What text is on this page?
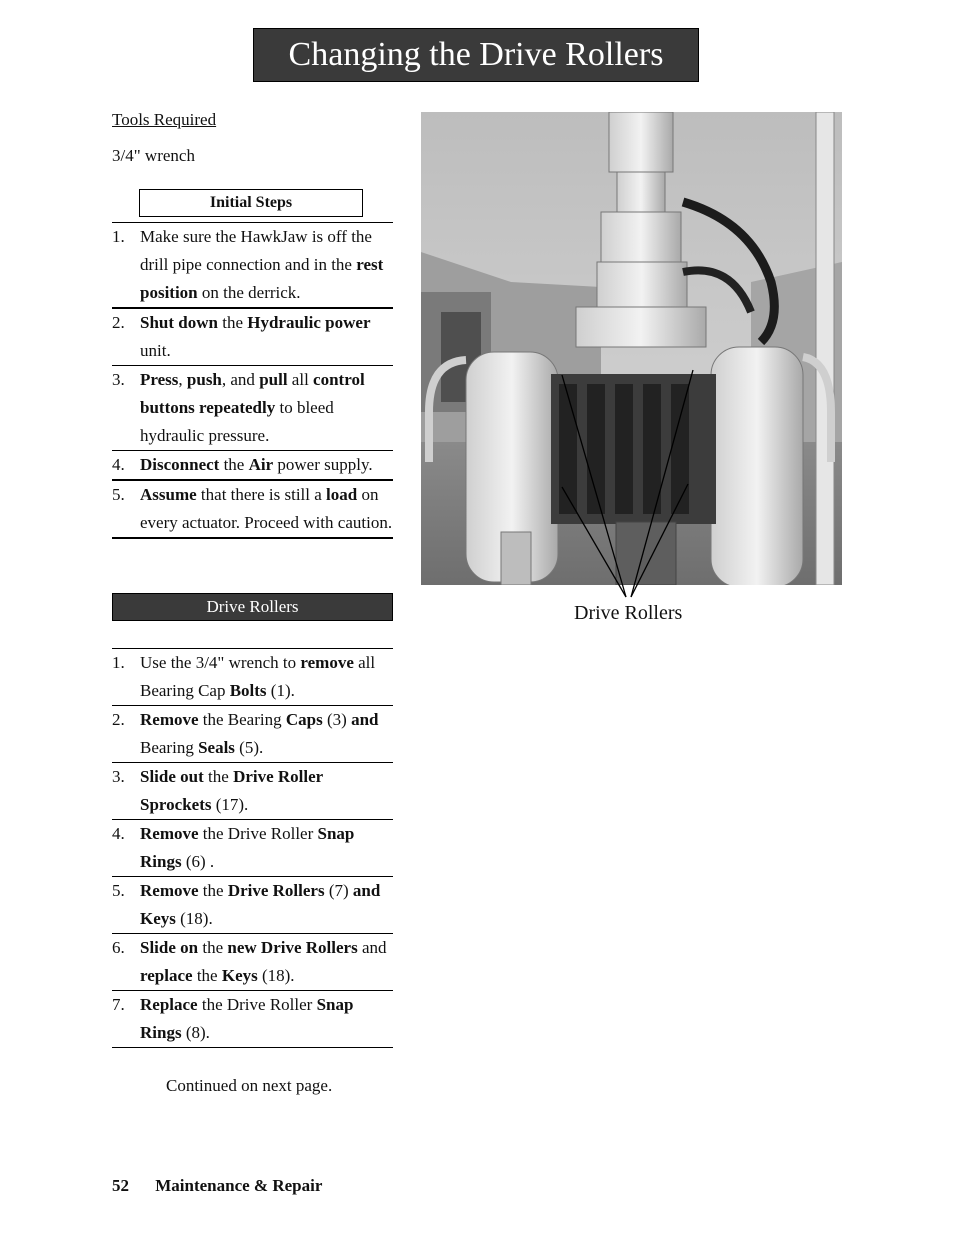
Changing the Drive Rollers
Tools Required
3/4" wrench
Initial Steps
1. Make sure the HawkJaw is off the drill pipe connection and in the rest position on the derrick.
2. Shut down the Hydraulic power unit.
3. Press, push, and pull all control buttons repeatedly to bleed hydraulic pressure.
4. Disconnect the Air power supply.
5. Assume that there is still a load on every actuator. Proceed with caution.
Drive Rollers
1. Use the 3/4" wrench to remove all Bearing Cap Bolts (1).
2. Remove the Bearing Caps (3) and Bearing Seals (5).
3. Slide out the Drive Roller Sprockets (17).
4. Remove the Drive Roller Snap Rings (6) .
5. Remove the Drive Rollers (7) and Keys (18).
6. Slide on the new Drive Rollers and replace the Keys (18).
7. Replace the Drive Roller Snap Rings (8).
Continued on next page.
52 Maintenance & Repair
Drive Rollers
